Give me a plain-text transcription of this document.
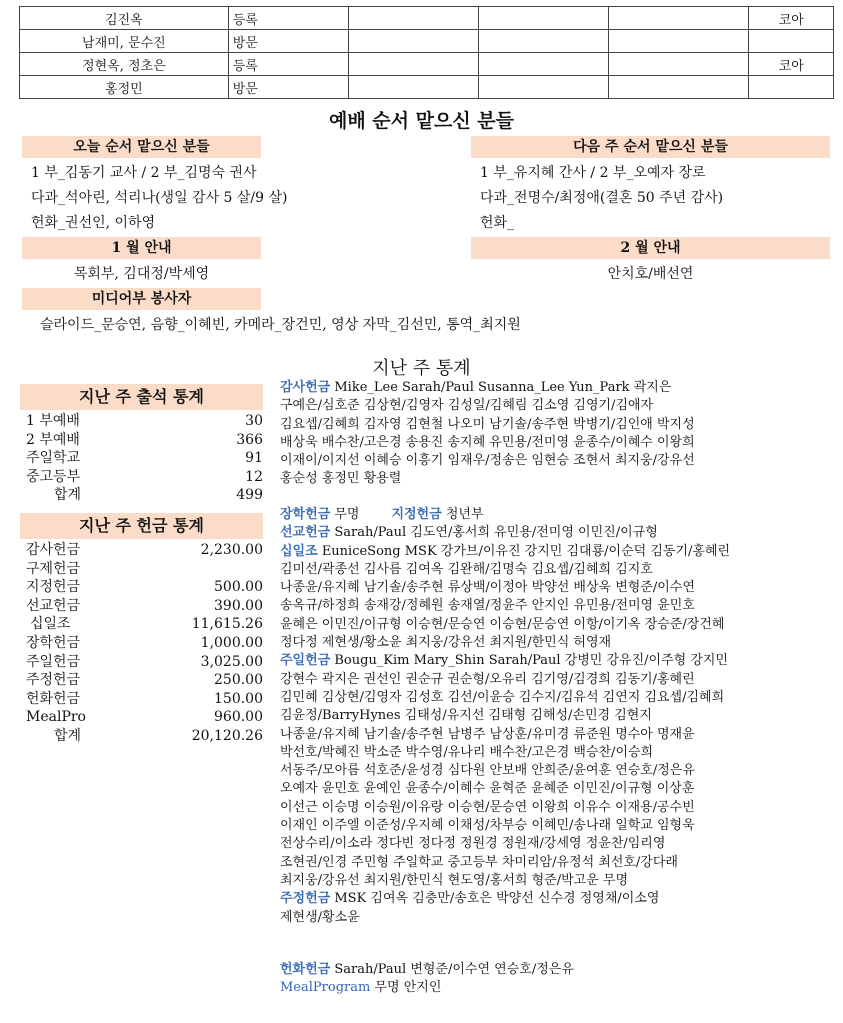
김진옥	등록				코아
남재미, 문수진	방문				
정현옥, 정초은	등록				코아
홍정민	방문				
예배 순서 맡으신 분들
오늘 순서 맡으신 분들	다음 주 순서 맡으신 분들
1 부_김동기 교사 / 2 부_김명숙 권사
다과_석아린, 석리나(생일 감사 5 살/9 살)
헌화_권선인, 이하영
1 부_유지혜 간사 / 2 부_오예자 장로
다과_전명수/최정애(결혼 50 주년 감사)
헌화_
1 월 안내	2 월 안내
목회부, 김대정/박세영	안치호/배선연
미디어부 봉사자
슬라이드_문승연, 음향_이혜빈, 카메라_장건민, 영상 자막_김선민, 통역_최지원
지난 주 통계
지난 주 출석 통계
1 부예배	30
2 부예배	366
주일학교	91
중고등부	12
합계	499
지난 주 헌금 통계
감사헌금	2,230.00
구제헌금
지정헌금	500.00
선교헌금	390.00
십일조	11,615.26
장학헌금	1,000.00
주일헌금	3,025.00
주정헌금	250.00
헌화헌금	150.00
MealPro	960.00
합계	20,120.26

감사헌금 Mike_Lee Sarah/Paul Susanna_Lee Yun_Park 곽지은

구예은/심호준 김상현/김영자 김성일/김혜림 김소영 김영기/김애자

김요셉/김혜희 김자영 김현철 나오미 남기솔/송주현 박병기/김인애 박지성

배상욱 배수찬/고은경 송용진 송지혜 유민용/전미영 윤종수/이혜수 이왕희

이재이/이지선 이혜승 이흥기 임재우/정송은 임현승 조현서 최지웅/강유선

홍순성 홍정민 황용렬

장학헌금 무명 지정헌금 청년부

선교헌금 Sarah/Paul 김도연/홍서희 유민용/전미영 이민진/이규형

십일조 EuniceSong MSK 강가브/이유진 강지민 김대룡/이순덕 김동기/홍혜린

김미선/곽종선 김사름 김여옥 김완해/김명숙 김요셉/김혜희 김지호

나종윤/유지혜 남기솔/송주현 류상백/이정아 박양선 배상욱 변형준/이수연

송옥규/하정희 송재강/정혜원 송재열/정윤주 안지인 유민용/전미영 윤민호

윤혜은 이민진/이규형 이승현/문승연 이승현/문승연 이항/이기옥 장승준/장건혜

정다정 제현생/황소윤 최지웅/강유선 최지원/한민식 허영재

주일헌금 Bougu_Kim Mary_Shin Sarah/Paul 강병민 강유진/이주형 강지민

강현수 곽지은 권선인 권순규 권순형/오유리 김기영/김경희 김동기/홍혜린

김민혜 김상현/김영자 김성호 김선/이윤승 김수지/김유석 김연지 김요셉/김혜희

김윤정/BarryHynes 김태성/유지선 김태형 김해성/손민경 김현지

나종윤/유지혜 남기솔/송주현 남병주 남상훈/유미경 류준원 명수아 명재윤

박선호/박혜진 박소준 박수영/유나리 배수찬/고은경 백승찬/이승희

서동주/모아름 석호준/윤성경 심다원 안보배 안희준/윤여훈 연승호/정은유

오예자 윤민호 윤예인 윤종수/이혜수 윤혁준 윤혜준 이민진/이규형 이상훈

이선근 이승명 이승원/이유랑 이승현/문승연 이왕희 이유수 이재용/공수빈

이재인 이주엘 이준성/우지혜 이채성/차부승 이혜민/송나래 일학교 임형욱

전상수리/이소라 정다빈 정다정 정원경 정원재/강세영 정윤찬/임리영

조현권/인경 주민형 주일학교 중고등부 차미리암/유정석 최선호/강다래

최지웅/강유선 최지원/한민식 현도영/홍서희 형준/박고운 무명

주정헌금 MSK 김여옥 김충만/송호은 박양선 신수경 정영채/이소영

제현생/황소윤

헌화헌금 Sarah/Paul 변형준/이수연 연승호/정은유

MealProgram 무명 안지인
